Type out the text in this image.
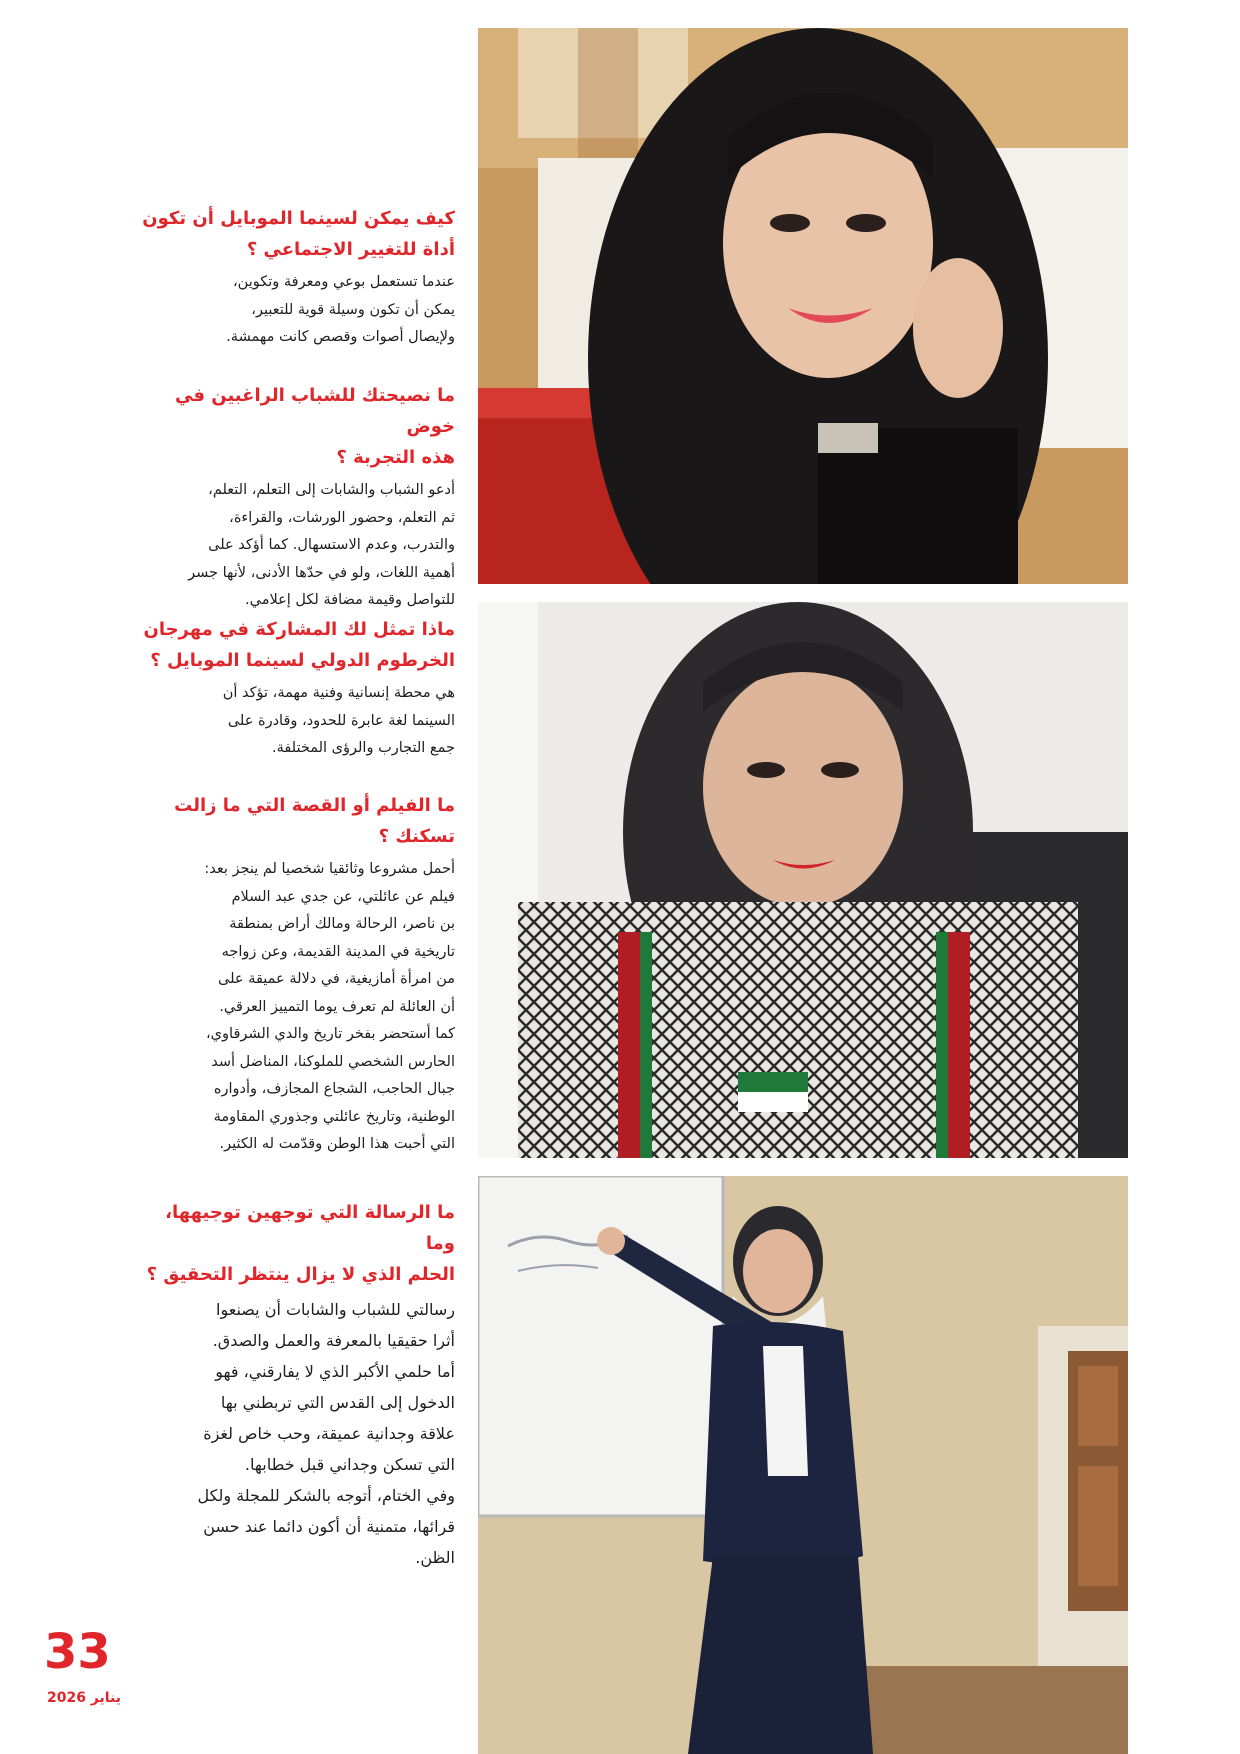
كيف يمكن لسينما الموبايل أن تكون
أداة للتغيير الاجتماعي ؟
عندما تستعمل بوعي ومعرفة وتكوين،
يمكن أن تكون وسيلة قوية للتعبير،
ولإيصال أصوات وقصص كانت مهمشة.
ما نصيحتك للشباب الراغبين في خوض
هذه التجربة ؟
أدعو الشباب والشابات إلى التعلم، التعلم،
ثم التعلم، وحضور الورشات، والقراءة،
والتدرب، وعدم الاستسهال. كما أؤكد على
أهمية اللغات، ولو في حدّها الأدنى، لأنها جسر
للتواصل وقيمة مضافة لكل إعلامي.
ماذا تمثل لك المشاركة في مهرجان
الخرطوم الدولي لسينما الموبايل ؟
هي محطة إنسانية وفنية مهمة، تؤكد أن
السينما لغة عابرة للحدود، وقادرة على
جمع التجارب والرؤى المختلفة.
ما الفيلم أو القصة التي ما زالت
تسكنك ؟
أحمل مشروعا وثائقيا شخصيا لم ينجز بعد:
فيلم عن عائلتي، عن جدي عبد السلام
بن ناصر، الرحالة ومالك أراض بمنطقة
تاريخية في المدينة القديمة، وعن زواجه
من امرأة أمازيغية، في دلالة عميقة على
أن العائلة لم تعرف يوما التمييز العرقي.
كما أستحضر بفخر تاريخ والدي الشرقاوي،
الحارس الشخصي للملوكنا، المناضل أسد
جبال الحاجب، الشجاع المجازف، وأدواره
الوطنية، وتاريخ عائلتي وجذوري المقاومة
التي أحبت هذا الوطن وقدّمت له الكثير.
ما الرسالة التي توجهين توجيهها، وما
الحلم الذي لا يزال ينتظر التحقيق ؟
رسالتي للشباب والشابات أن يصنعوا
أثرا حقيقيا بالمعرفة والعمل والصدق.
أما حلمي الأكبر الذي لا يفارقني، فهو
الدخول إلى القدس التي تربطني بها
علاقة وجدانية عميقة، وحب خاص لغزة
التي تسكن وجداني قبل خطابها.
وفي الختام، أتوجه بالشكر للمجلة ولكل
قرائها، متمنية أن أكون دائما عند حسن
الظن.
33
يناير 2026
